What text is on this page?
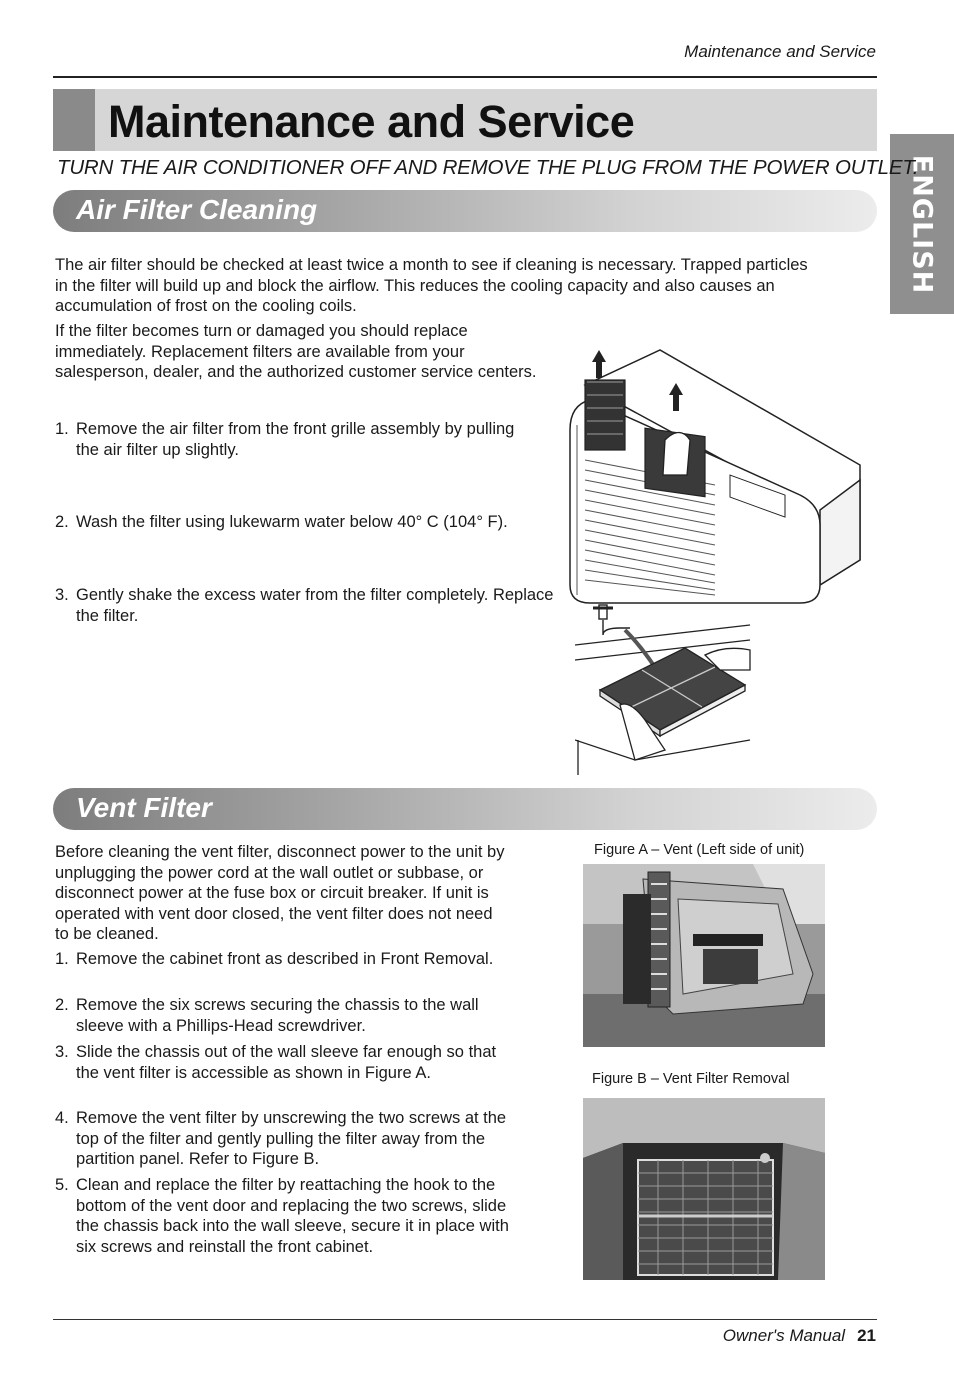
Maintenance and Service
Maintenance and Service
ENGLISH
TURN THE AIR CONDITIONER OFF AND REMOVE THE PLUG FROM THE POWER OUTLET.
Air Filter Cleaning
The air filter should be checked at least twice a month to see if cleaning is necessary. Trapped particles in the filter will build up and block the airflow. This reduces the cooling capacity and also causes an accumulation of frost on the cooling coils.
If the filter becomes turn or damaged you should replace immediately. Replacement filters are available from your salesperson, dealer, and the authorized customer service centers.
1. Remove the air filter from the front grille assembly by pulling the air filter up slightly.
2. Wash the filter using lukewarm water below 40° C (104° F).
3. Gently shake the excess water from the filter completely. Replace the filter.
Vent Filter
Before cleaning the vent filter, disconnect power to the unit by unplugging the power cord at the wall outlet or subbase, or disconnect power at the fuse box or circuit breaker. If unit is operated with vent door closed, the vent filter does not need to be cleaned.
1. Remove the cabinet front as described in Front Removal.
2. Remove the six screws securing the chassis to the wall sleeve with a Phillips-Head screwdriver.
3. Slide the chassis out of the wall sleeve far enough so that the vent filter is accessible as shown in Figure A.
4. Remove the vent filter by unscrewing the two screws at the top of the filter and gently pulling the filter away from the partition panel. Refer to Figure B.
5. Clean and replace the filter by reattaching the hook to the bottom of the vent door and replacing the two screws, slide the chassis back into the wall sleeve, secure it in place with six screws and reinstall the front cabinet.
Figure A – Vent (Left side of unit)
Figure B – Vent Filter Removal
Owner's Manual 21
